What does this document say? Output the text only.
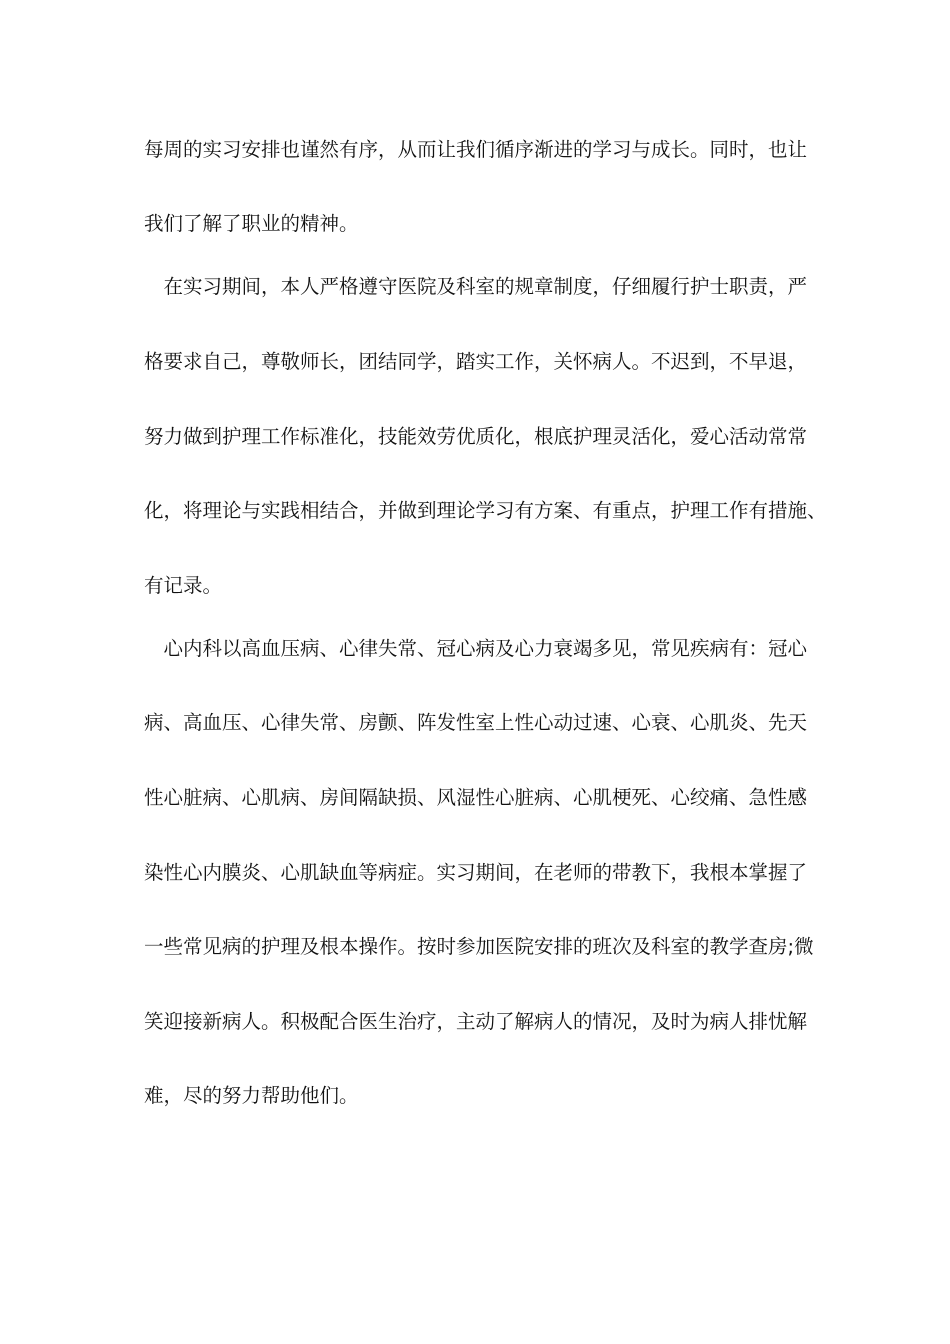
每周的实习安排也谨然有序，从而让我们循序渐进的学习与成长。同时，也让
我们了解了职业的精神。
　在实习期间，本人严格遵守医院及科室的规章制度，仔细履行护士职责，严
格要求自己，尊敬师长，团结同学，踏实工作，关怀病人。不迟到，不早退，
努力做到护理工作标准化，技能效劳优质化，根底护理灵活化，爱心活动常常
化，将理论与实践相结合，并做到理论学习有方案、有重点，护理工作有措施、
有记录。
　心内科以高血压病、心律失常、冠心病及心力衰竭多见，常见疾病有：冠心
病、高血压、心律失常、房颤、阵发性室上性心动过速、心衰、心肌炎、先天
性心脏病、心肌病、房间隔缺损、风湿性心脏病、心肌梗死、心绞痛、急性感
染性心内膜炎、心肌缺血等病症。实习期间，在老师的带教下，我根本掌握了
一些常见病的护理及根本操作。按时参加医院安排的班次及科室的教学查房;微
笑迎接新病人。积极配合医生治疗，主动了解病人的情况，及时为病人排忧解
难，尽的努力帮助他们。
